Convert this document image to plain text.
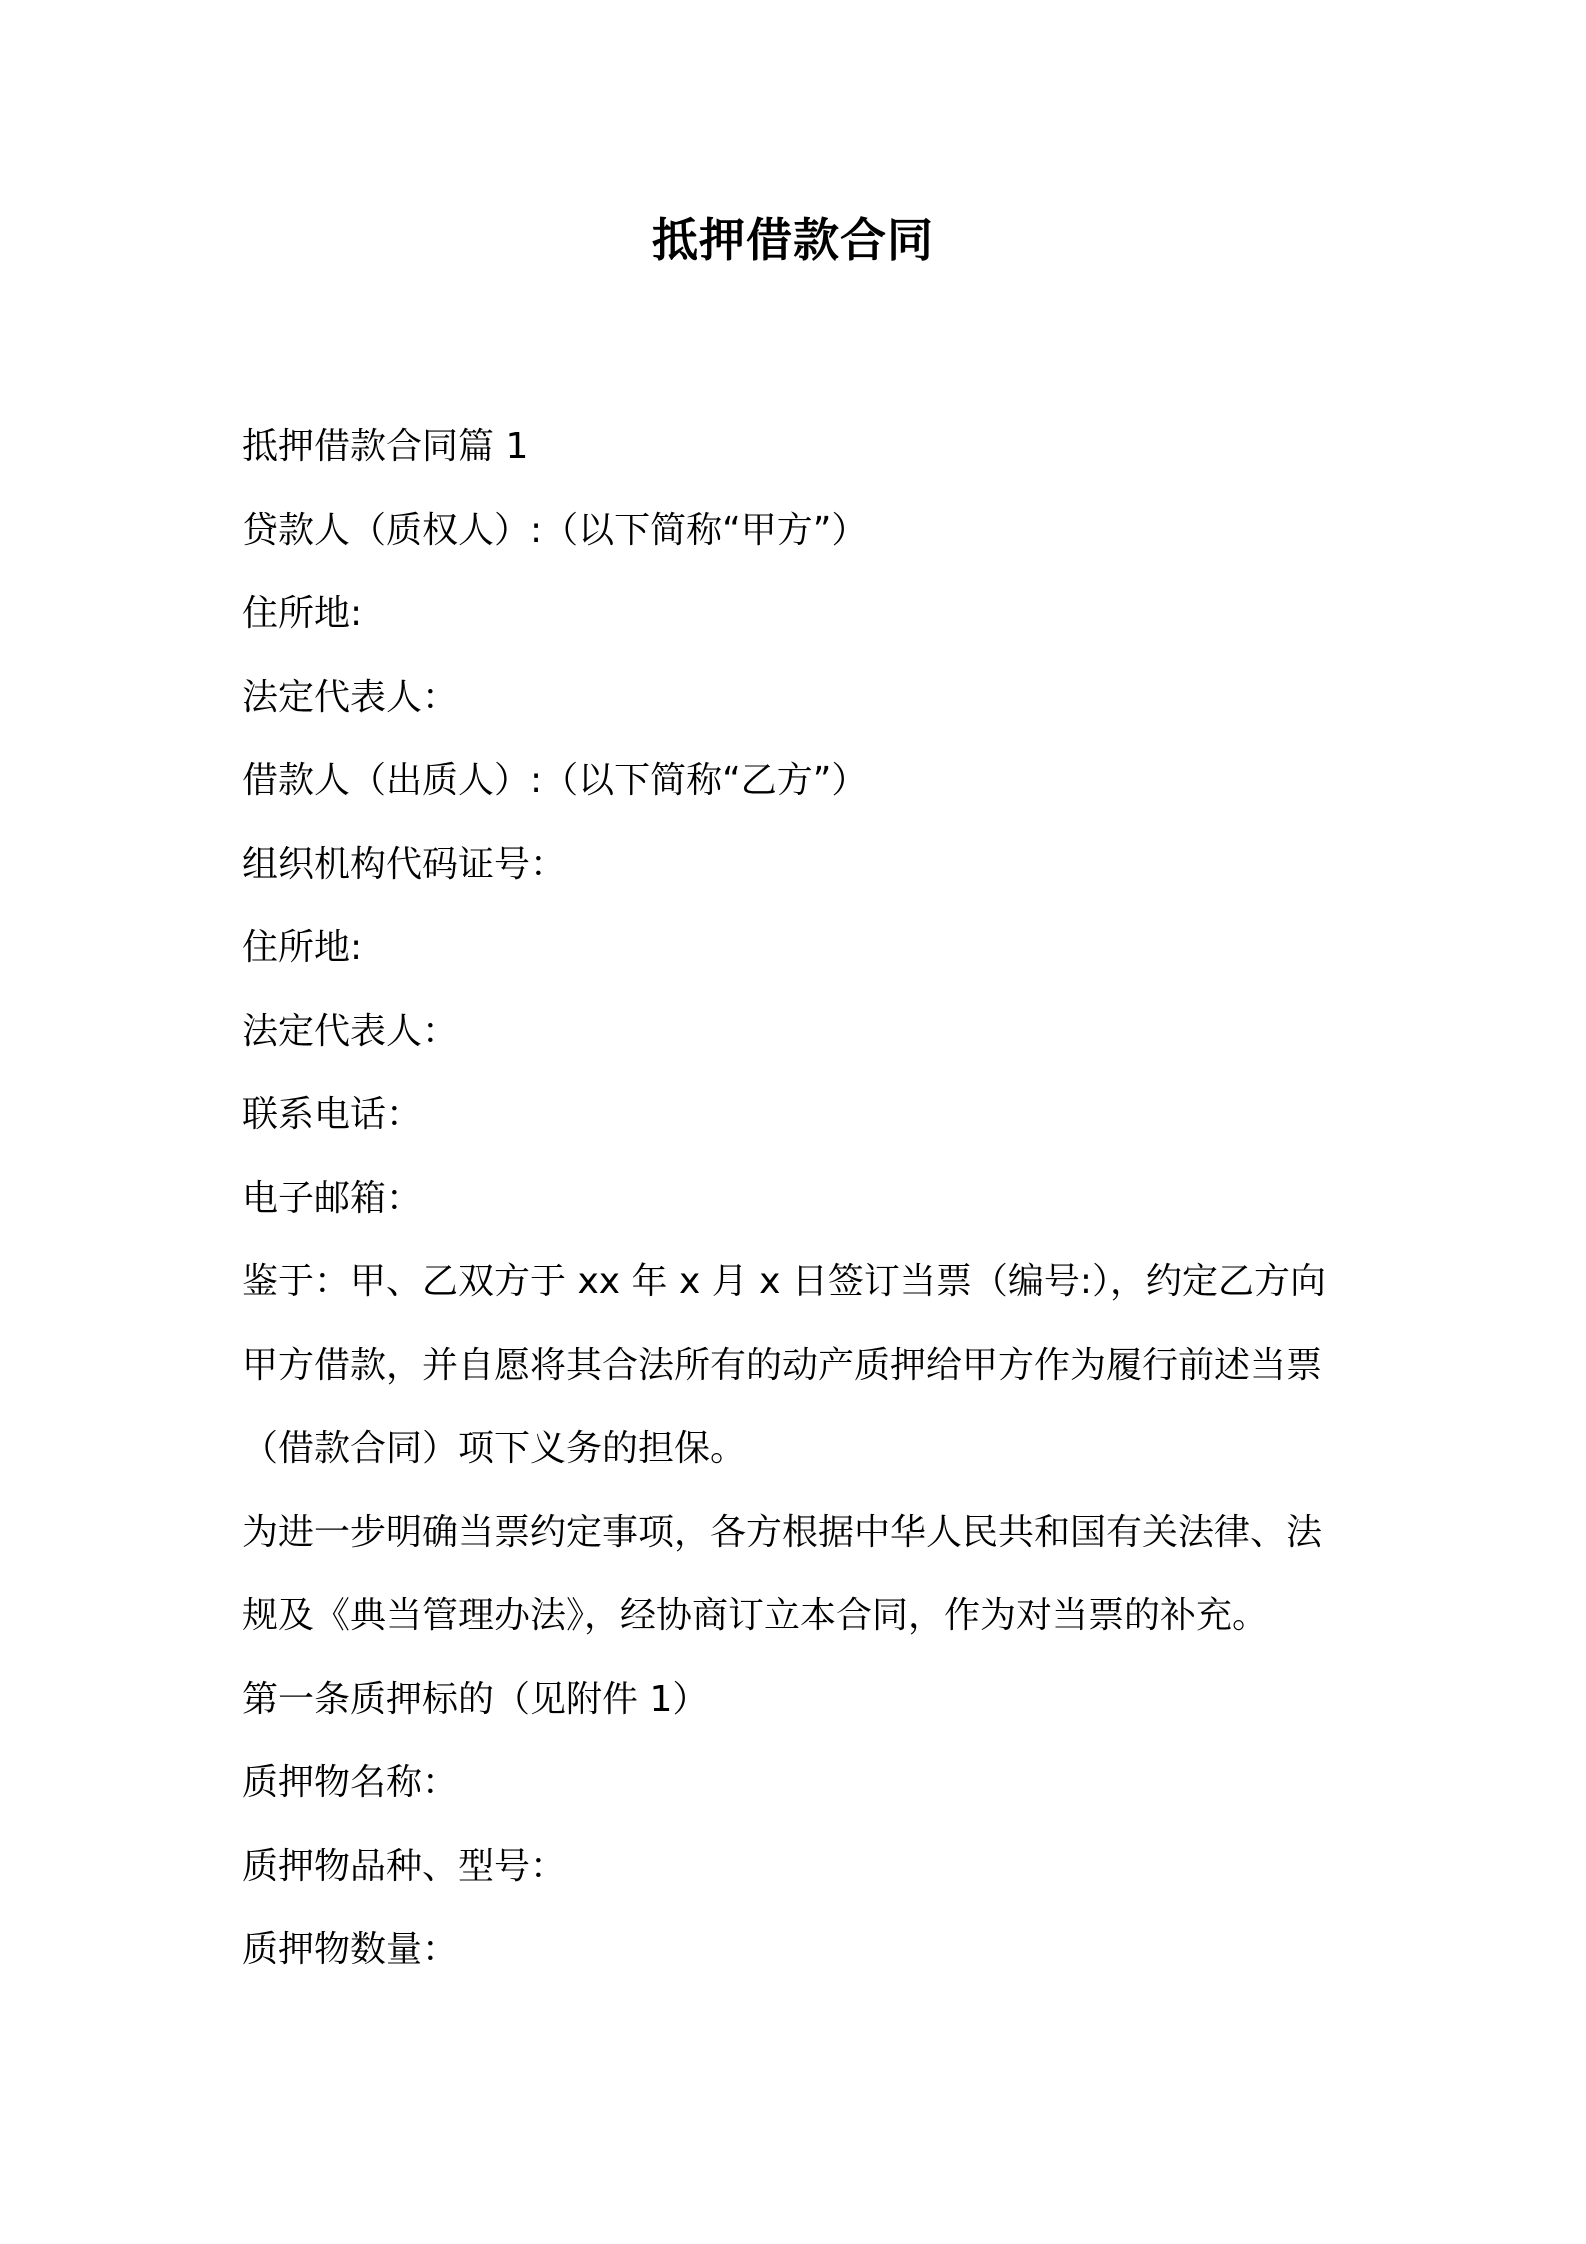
抵押借款合同

抵押借款合同篇 1

贷款人（质权人）:（以下简称“甲方”）

住所地:

法定代表人：

借款人（出质人）:（以下简称“乙方”）

组织机构代码证号：

住所地:

法定代表人：

联系电话：

电子邮箱：

鉴于：甲、乙双方于 xx 年 x 月 x 日签订当票（编号:），约定乙方向

甲方借款，并自愿将其合法所有的动产质押给甲方作为履行前述当票

（借款合同）项下义务的担保。

为进一步明确当票约定事项，各方根据中华人民共和国有关法律、法

规及《典当管理办法》，经协商订立本合同，作为对当票的补充。

第一条质押标的（见附件 1）

质押物名称：

质押物品种、型号：

质押物数量：
